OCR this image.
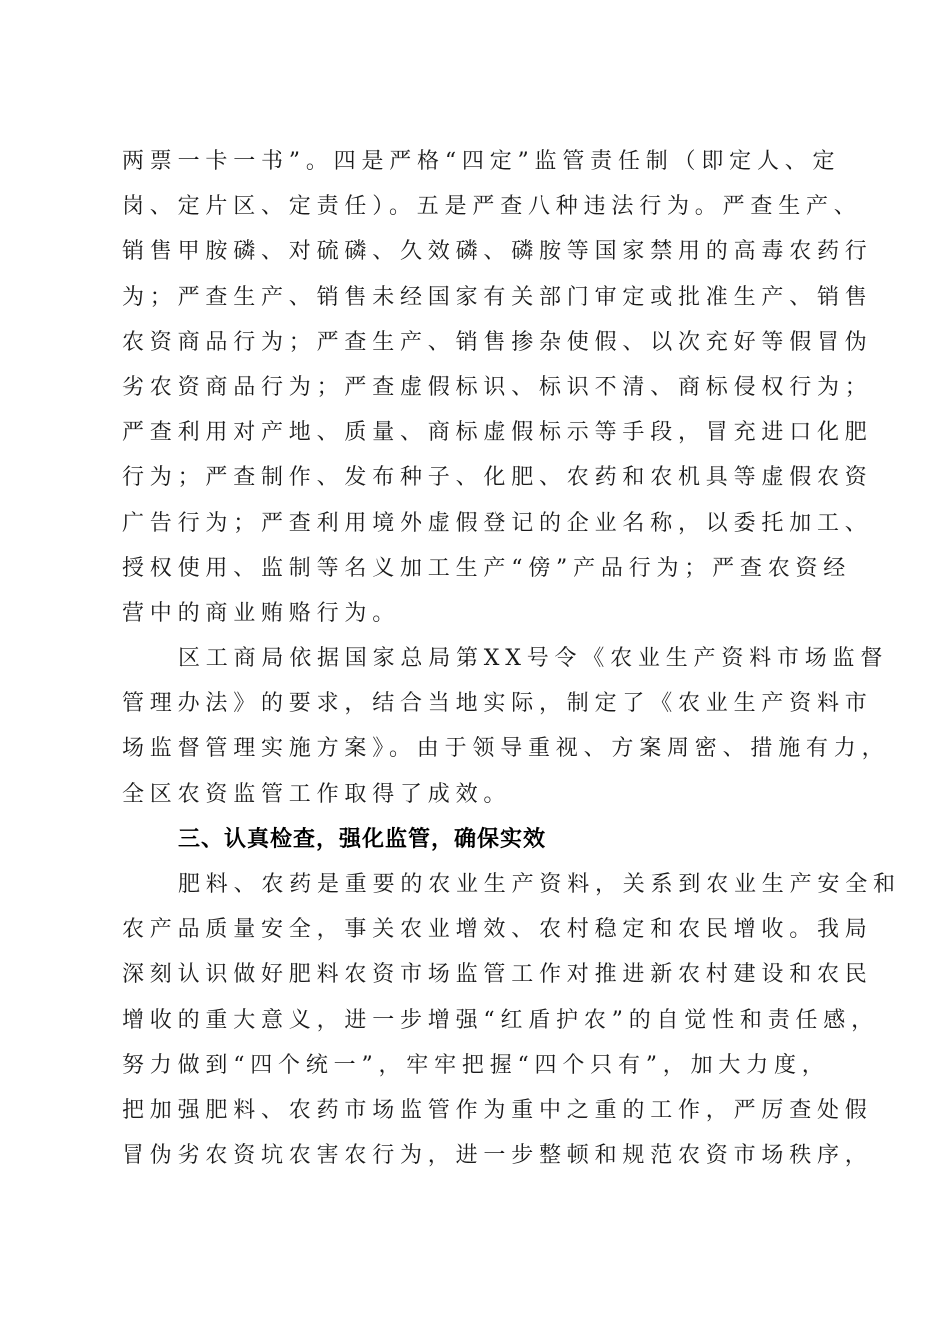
两票一卡一书”。四是严格“四定”监管责任制（即定人、定
岗、定片区、定责任）。五是严查八种违法行为。严查生产、
销售甲胺磷、对硫磷、久效磷、磷胺等国家禁用的高毒农药行
为；严查生产、销售未经国家有关部门审定或批准生产、销售
农资商品行为；严查生产、销售掺杂使假、以次充好等假冒伪
劣农资商品行为；严查虚假标识、标识不清、商标侵权行为；
严查利用对产地、质量、商标虚假标示等手段，冒充进口化肥
行为；严查制作、发布种子、化肥、农药和农机具等虚假农资
广告行为；严查利用境外虚假登记的企业名称，以委托加工、
授权使用、监制等名义加工生产“傍”产品行为；严查农资经
营中的商业贿赂行为。
区工商局依据国家总局第XX号令《农业生产资料市场监督
管理办法》的要求，结合当地实际，制定了《农业生产资料市
场监督管理实施方案》。由于领导重视、方案周密、措施有力，
全区农资监管工作取得了成效。
三、认真检查，强化监管，确保实效
肥料、农药是重要的农业生产资料，关系到农业生产安全和
农产品质量安全，事关农业增效、农村稳定和农民增收。我局
深刻认识做好肥料农资市场监管工作对推进新农村建设和农民
增收的重大意义，进一步增强“红盾护农”的自觉性和责任感，
努力做到“四个统一”，牢牢把握“四个只有”，加大力度，
把加强肥料、农药市场监管作为重中之重的工作，严厉查处假
冒伪劣农资坑农害农行为，进一步整顿和规范农资市场秩序，
